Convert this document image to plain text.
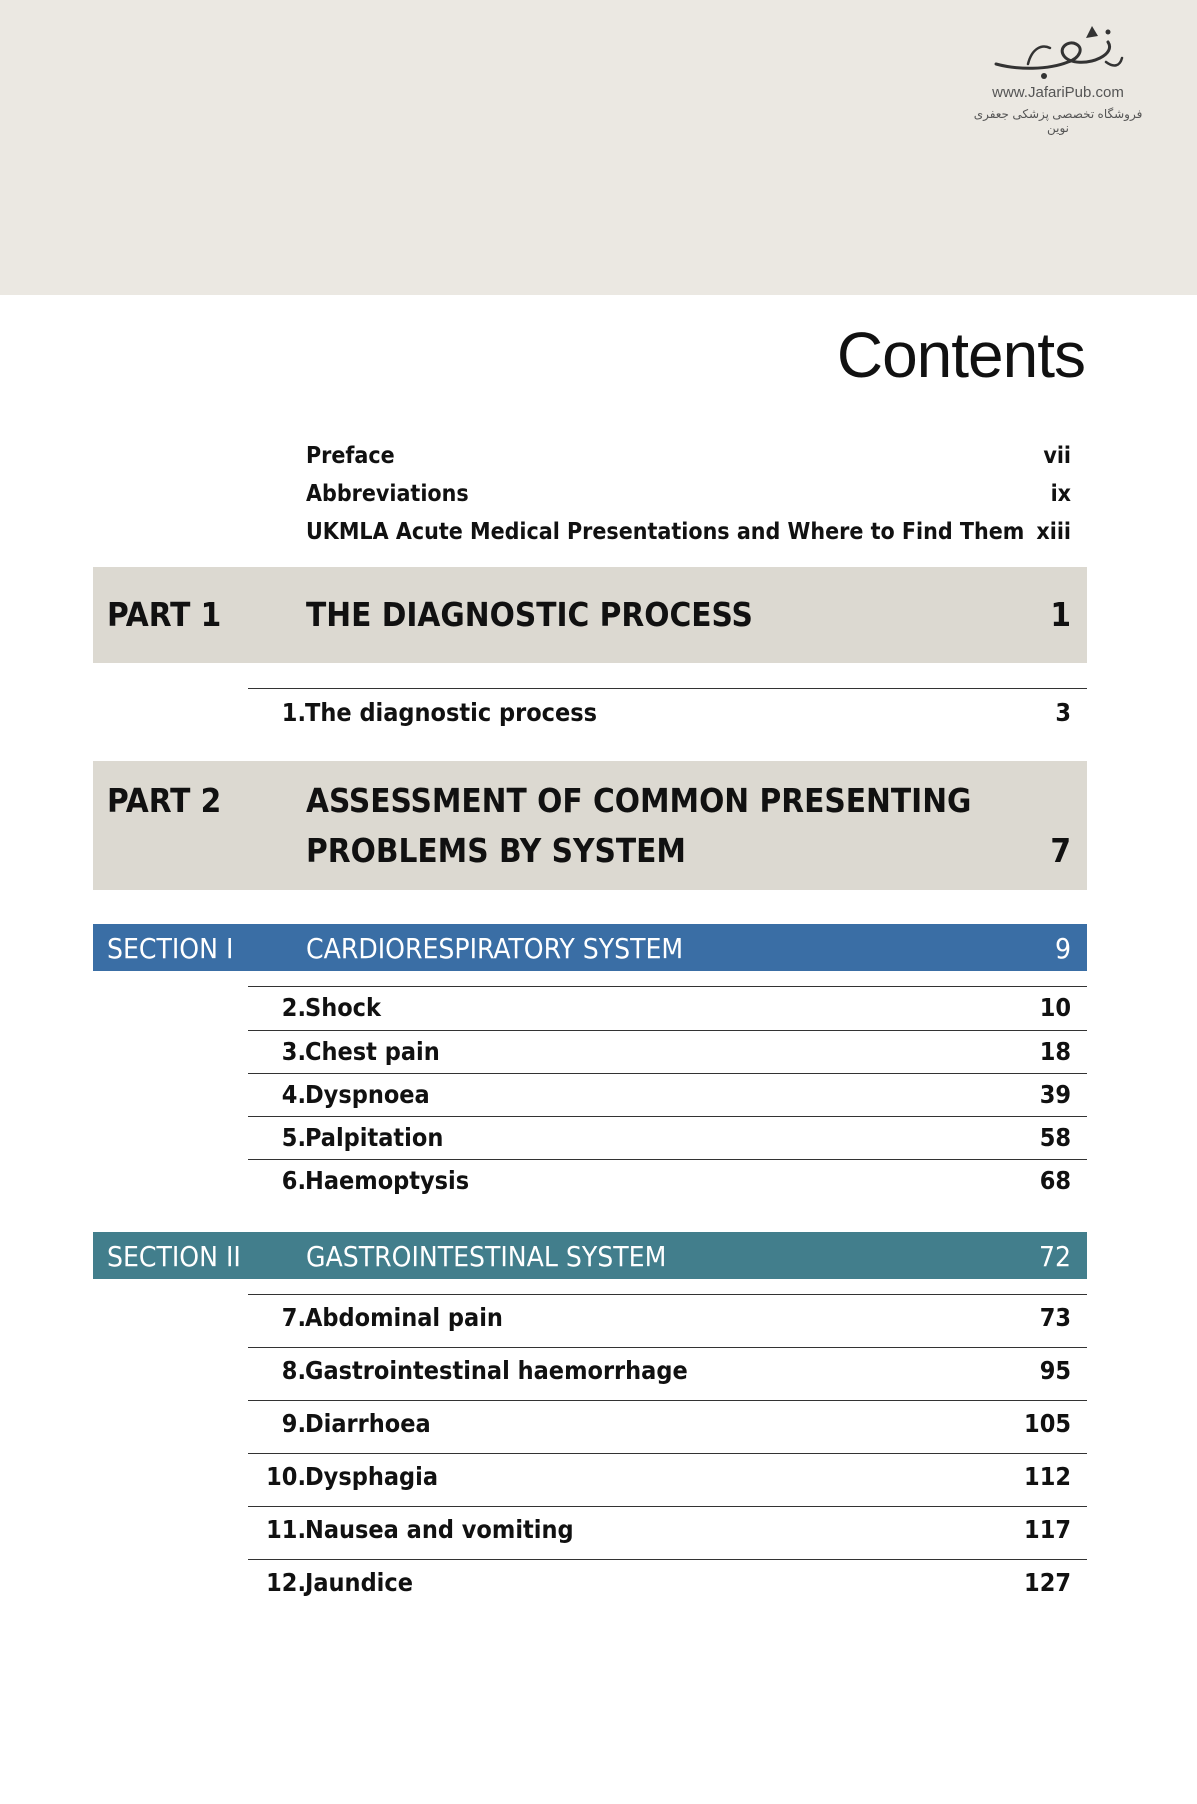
www.JafariPub.com
فروشگاه تخصصی پزشکی جعفری نوین
Contents
Preface	vii
Abbreviations	ix
UKMLA Acute Medical Presentations and Where to Find Them xiii
PART 1	THE DIAGNOSTIC PROCESS	1
1. The diagnostic process	3
PART 2	ASSESSMENT OF COMMON PRESENTING
PROBLEMS BY SYSTEM	7
SECTION I	CARDIORESPIRATORY SYSTEM	9
2. Shock	10
3. Chest pain	18
4. Dyspnoea	39
5. Palpitation	58
6. Haemoptysis	68
SECTION II GASTROINTESTINAL SYSTEM	72
7. Abdominal pain	73
8. Gastrointestinal haemorrhage	95
9. Diarrhoea	105
10. Dysphagia	112
11. Nausea and vomiting	117
12. Jaundice	127
